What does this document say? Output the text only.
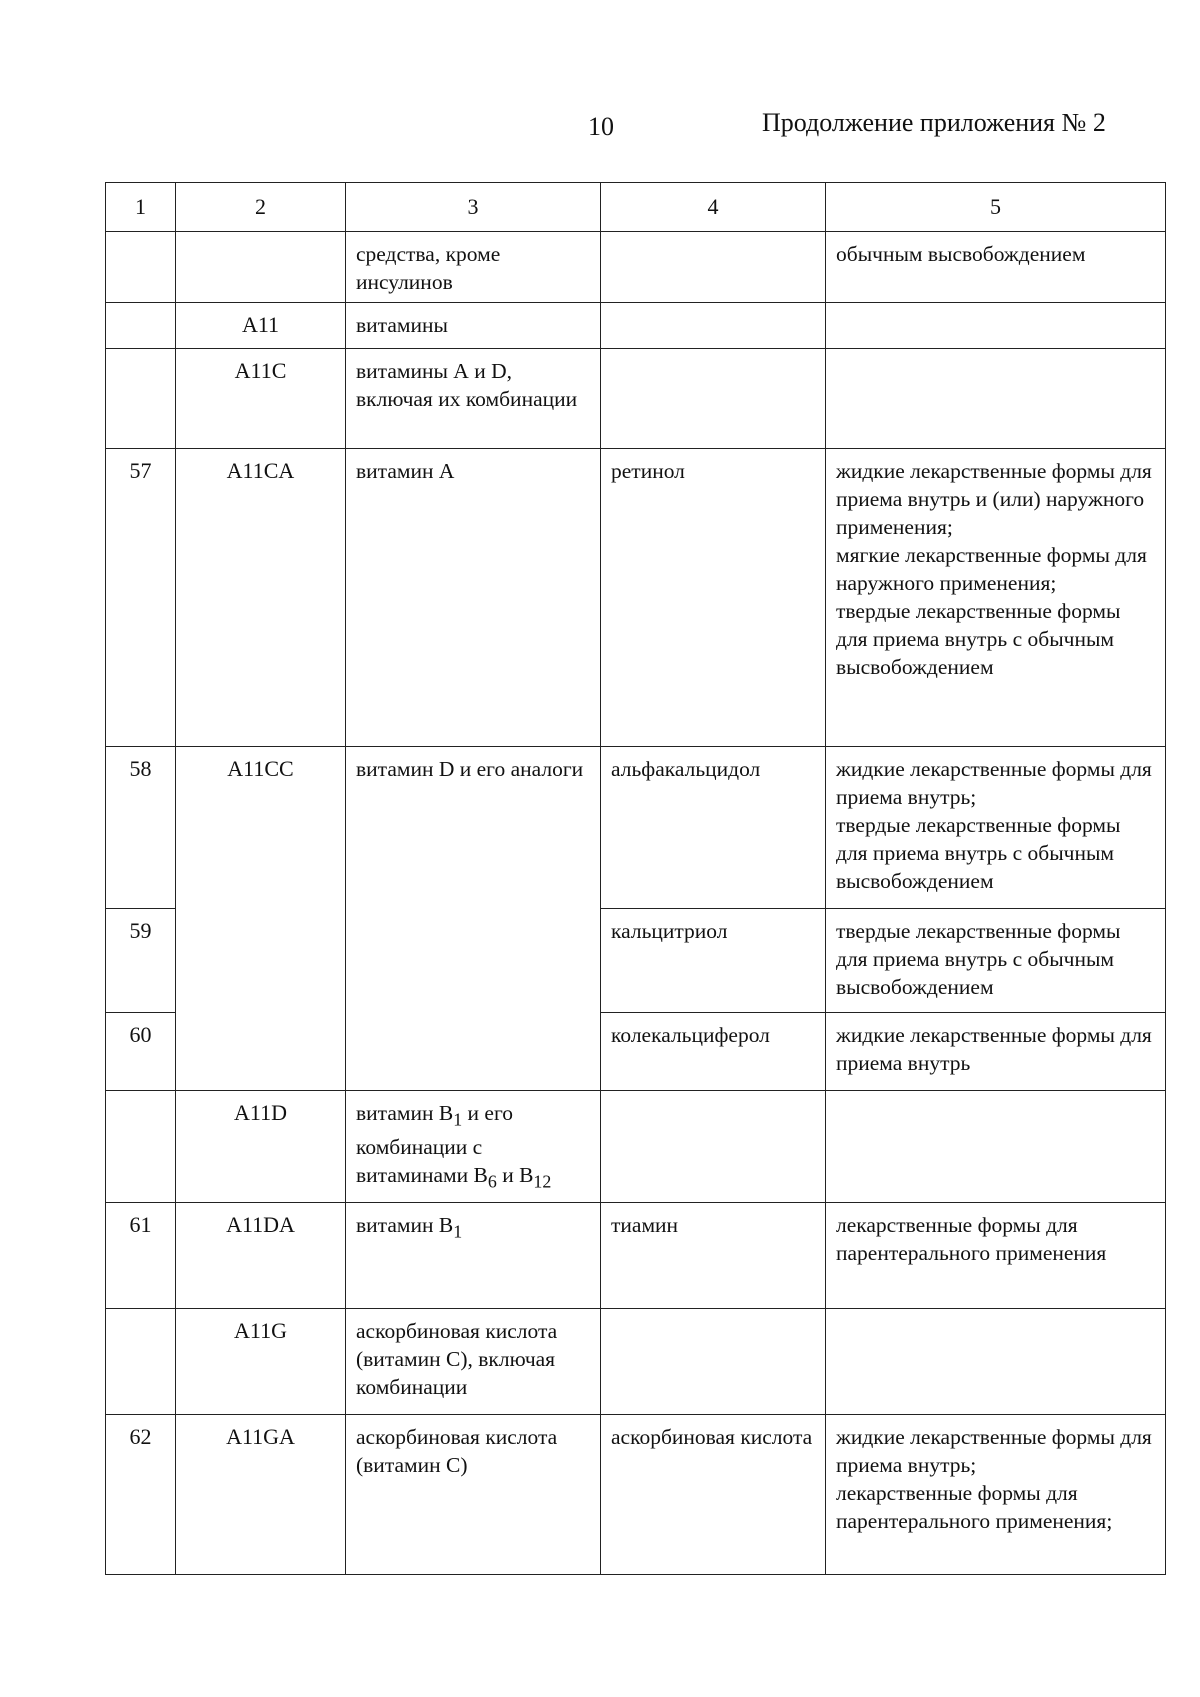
10	Продолжение приложения № 2
1	2	3	4	5
		средства, кроме инсулинов		обычным высвобождением

	A11	витамины		
	A11C	витамины А и D, включая их комбинации		
57	A11CA	витамин А	ретинол	жидкие лекарственные формы для приема внутрь и (или) наружного применения;
мягкие лекарственные формы для наружного применения;
твердые лекарственные формы для приема внутрь с обычным высвобождением

58	A11CC	витамин D и его аналоги	альфакальцидол	жидкие лекарственные формы для приема внутрь;
твердые лекарственные формы для приема внутрь с обычным высвобождением

59			кальцитриол	твердые лекарственные формы для приема внутрь с обычным высвобождением

60			колекальциферол	жидкие лекарственные формы для приема внутрь

	A11D	витамин $B_1$ и его комбинации с витаминами $B_6$ и $B_{12}$		
61	A11DA	витамин $B_1$	тиамин	лекарственные формы для парентерального применения

	A11G	аскорбиновая кислота (витамин С), включая комбинации		
62	A11GA	аскорбиновая кислота (витамин С)	аскорбиновая кислота	жидкие лекарственные формы для приема внутрь;
лекарственные формы для парентерального применения;
